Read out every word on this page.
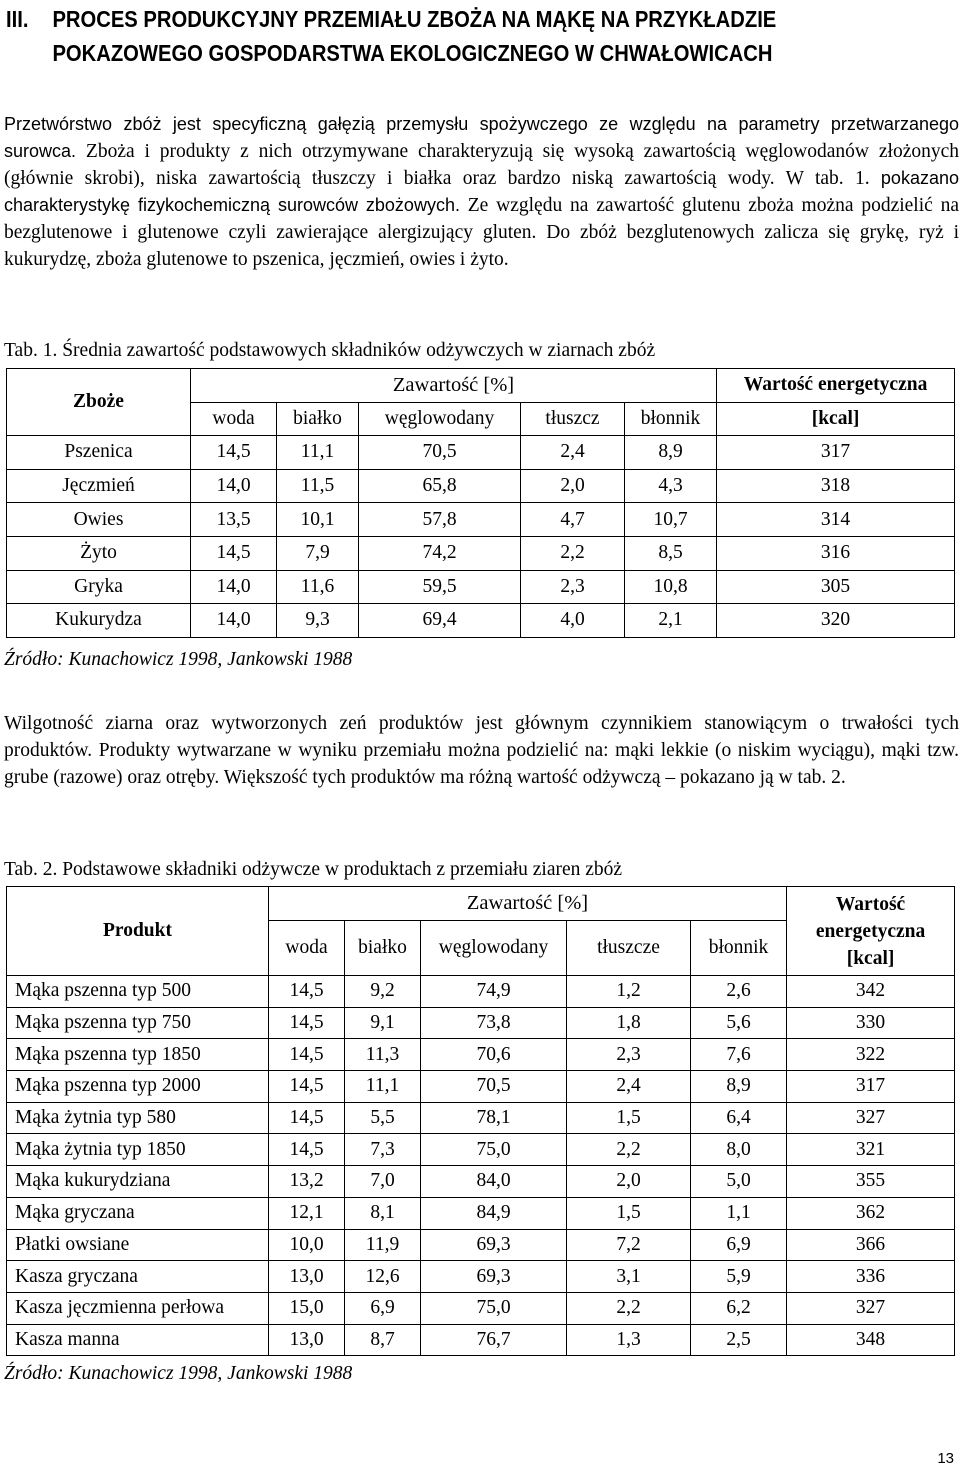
III. PROCES PRODUKCYJNY PRZEMIAŁU ZBOŻA NA MĄKĘ NA PRZYKŁADZIE
POKAZOWEGO GOSPODARSTWA EKOLOGICZNEGO W CHWAŁOWICACH

Przetwórstwo zbóż jest specyficzną gałęzią przemysłu spożywczego ze względu na parametry przetwarzanego surowca. Zboża i produkty z nich otrzymywane charakteryzują się wysoką zawartością węglowodanów złożonych (głównie skrobi), niska zawartością tłuszczy i białka oraz bardzo niską zawartością wody. W tab. 1. pokazano charakterystykę fizykochemiczną surowców zbożowych. Ze względu na zawartość glutenu zboża można podzielić na bezglutenowe i glutenowe czyli zawierające alergizujący gluten. Do zbóż bezglutenowych zalicza się grykę, ryż i kukurydzę, zboża glutenowe to pszenica, jęczmień, owies i żyto.

Tab. 1. Średnia zawartość podstawowych składników odżywczych w ziarnach zbóż
Zboże	Zawartość [%]					Wartość energetyczna
	woda	białko	węglowodany	tłuszcz	błonnik	[kcal]
Pszenica	14,5	11,1	70,5	2,4	8,9	317
Jęczmień	14,0	11,5	65,8	2,0	4,3	318
Owies	13,5	10,1	57,8	4,7	10,7	314
Żyto	14,5	7,9	74,2	2,2	8,5	316
Gryka	14,0	11,6	59,5	2,3	10,8	305
Kukurydza	14,0	9,3	69,4	4,0	2,1	320
Źródło: Kunachowicz 1998, Jankowski 1988

Wilgotność ziarna oraz wytworzonych zeń produktów jest głównym czynnikiem stanowiącym o trwałości tych produktów. Produkty wytwarzane w wyniku przemiału można podzielić na: mąki lekkie (o niskim wyciągu), mąki tzw. grube (razowe) oraz otręby. Większość tych produktów ma różną wartość odżywczą – pokazano ją w tab. 2.

Tab. 2. Podstawowe składniki odżywcze w produktach z przemiału ziaren zbóż
Produkt	Zawartość [%]					Wartość
energetyczna
[kcal]
	woda	białko	węglowodany	tłuszcze	błonnik	
Mąka pszenna typ 500	14,5	9,2	74,9	1,2	2,6	342
Mąka pszenna typ 750	14,5	9,1	73,8	1,8	5,6	330
Mąka pszenna typ 1850	14,5	11,3	70,6	2,3	7,6	322
Mąka pszenna typ 2000	14,5	11,1	70,5	2,4	8,9	317
Mąka żytnia typ 580	14,5	5,5	78,1	1,5	6,4	327
Mąka żytnia typ 1850	14,5	7,3	75,0	2,2	8,0	321
Mąka kukurydziana	13,2	7,0	84,0	2,0	5,0	355
Mąka gryczana	12,1	8,1	84,9	1,5	1,1	362
Płatki owsiane	10,0	11,9	69,3	7,2	6,9	366
Kasza gryczana	13,0	12,6	69,3	3,1	5,9	336
Kasza jęczmienna perłowa	15,0	6,9	75,0	2,2	6,2	327
Kasza manna	13,0	8,7	76,7	1,3	2,5	348
Źródło: Kunachowicz 1998, Jankowski 1988
13
